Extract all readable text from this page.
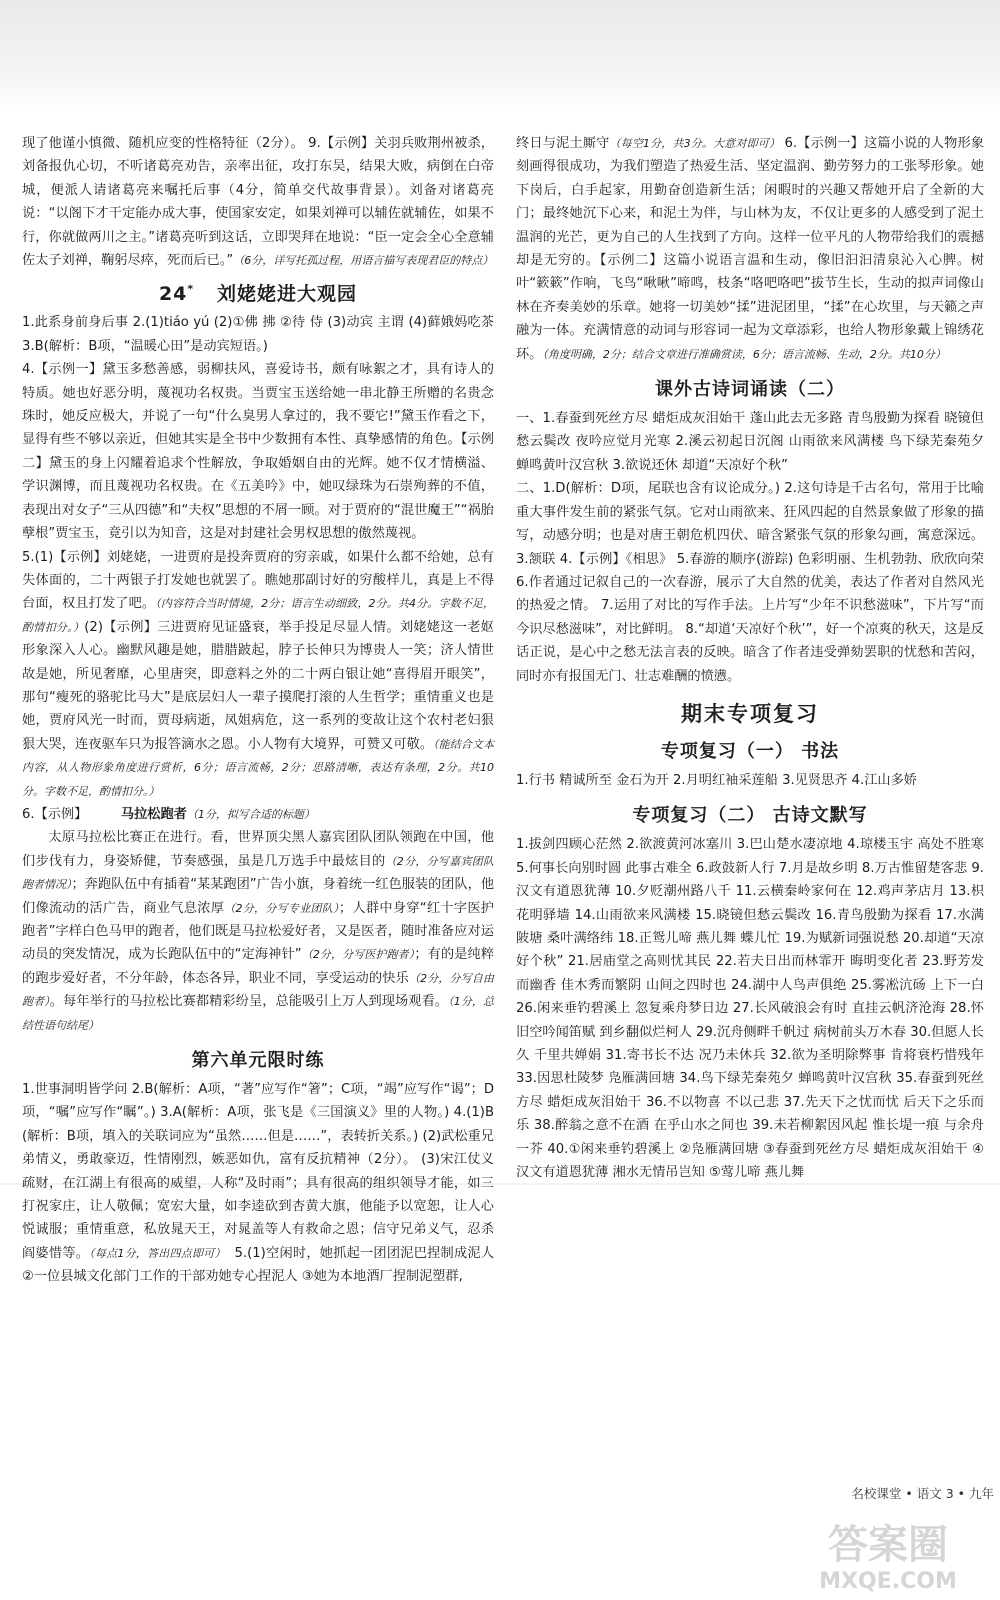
现了他谨小慎微、随机应变的性格特征（2分）。 9.【示例】关羽兵败荆州被杀，刘备报仇心切，不听诸葛亮劝告，亲率出征，攻打东吴，结果大败，病倒在白帝城，便派人请诸葛亮来嘱托后事（4分，简单交代故事背景）。刘备对诸葛亮说：“以阁下才干定能办成大事，使国家安定，如果刘禅可以辅佐就辅佐，如果不行，你就做两川之主。”诸葛亮听到这话，立即哭拜在地说：“臣一定会全心全意辅佐太子刘禅，鞠躬尽瘁，死而后已。”（6分，详写托孤过程，用语言描写表现君臣的特点）

24* 刘姥姥进大观园

1.此系身前身后事 2.(1)tiáo yú (2)①佛 拂 ②待 侍 (3)动宾 主谓 (4)藓娥妈吃茶 3.B(解析：B项，“温暖心田”是动宾短语。)

4.【示例一】黛玉多愁善感，弱柳扶风，喜爱诗书，颇有咏絮之才，具有诗人的特质。她也好恶分明，蔑视功名权贵。当贾宝玉送给她一串北静王所赠的名贵念珠时，她反应极大，并说了一句“什么臭男人拿过的，我不要它!”黛玉作看之下，显得有些不够以亲近，但她其实是全书中少数拥有本性、真挚感情的角色。【示例二】黛玉的身上闪耀着追求个性解放，争取婚姻自由的光辉。她不仅才情横溢、学识渊博，而且蔑视功名权贵。在《五美吟》中，她叹绿珠为石崇殉葬的不值，表现出对女子“三从四德”和“夫权”思想的不屑一顾。对于贾府的“混世魔王”“祸胎孽根”贾宝玉，竟引以为知音，这是对封建社会男权思想的傲然蔑视。

5.(1)【示例】刘姥姥，一进贾府是投奔贾府的穷亲戚，如果什么都不给她，总有失体面的，二十两银子打发她也就罢了。瞧她那副讨好的穷酸样儿，真是上不得台面，权且打发了吧。（内容符合当时情境，2分；语言生动细致，2分。共4分。字数不足，酌情扣分。）(2)【示例】三进贾府见证盛衰，举手投足尽显人情。刘姥姥这一老妪形象深入人心。幽默风趣是她，腊腊跛起，脖子长伸只为博贵人一笑；济人情世故是她，所见奢靡，心里唐突，即意料之外的二十两白银让她“喜得眉开眼笑”，那句“瘦死的骆驼比马大”是底层妇人一辈子摸爬打滚的人生哲学；重情重义也是她，贾府风光一时而，贾母病逝，凤姐病危，这一系列的变故让这个农村老妇狠狠大哭，连夜驱车只为报答滴水之恩。小人物有大境界，可赞又可敬。（能结合文本内容，从人物形象角度进行赏析，6分；语言流畅，2分；思路清晰，表达有条理，2分。共10分。字数不足，酌情扣分。）

6.【示例】	马拉松跑者（1分，拟写合适的标题）

太原马拉松比赛正在进行。看，世界顶尖黑人嘉宾团队团队领跑在中国，他们步伐有力，身姿矫健，节奏感强，虽是几万选手中最炫目的（2分，分写嘉宾团队跑者情况）；奔跑队伍中有插着“某某跑团”广告小旗，身着统一红色服装的团队，他们像流动的活广告，商业气息浓厚（2分，分写专业团队）；人群中身穿“红十字医护跑者”字样白色马甲的跑者，他们既是马拉松爱好者，又是医者，随时准备应对运动员的突发情况，成为长跑队伍中的“定海神针”（2分，分写医护跑者）；有的是纯粹的跑步爱好者，不分年龄，体态各异，职业不同，享受运动的快乐（2分，分写自由跑者）。每年举行的马拉松比赛都精彩纷呈，总能吸引上万人到现场观看。（1分，总结性语句结尾）

第六单元限时练

1.世事洞明皆学问 2.B(解析：A项，“著”应写作“箸”；C项，“竭”应写作“谒”；D项，“嘱”应写作“瞩”。) 3.A(解析：A项，张飞是《三国演义》里的人物。) 4.(1)B(解析：B项，填入的关联词应为“虽然……但是……”，表转折关系。) (2)武松重兄弟情义，勇敢豪迈，性情刚烈，嫉恶如仇，富有反抗精神（2分）。 (3)宋江仗义疏财，在江湖上有很高的威望，人称“及时雨”；具有很高的组织领导才能，如三打祝家庄，让人敬佩；宽宏大量，如李逵砍到杏黄大旗，他能予以宽恕，让人心悦诚服；重情重意，私放晁天王，对晁盖等人有救命之恩；信守兄弟义气，忍杀阎婆惜等。（每点1分，答出四点即可） 5.(1)空闲时，她抓起一团团泥巴捏制成泥人 ②一位县城文化部门工作的干部劝她专心捏泥人 ③她为本地酒厂捏制泥塑群,

终日与泥土厮守（每空1分，共3分。大意对即可） 6.【示例一】这篇小说的人物形象刻画得很成功，为我们塑造了热爱生活、坚定温润、勤劳努力的工张琴形象。她下岗后，白手起家，用勤奋创造新生活；闲暇时的兴趣又帮她开启了全新的大门；最终她沉下心来，和泥土为伴，与山林为友，不仅让更多的人感受到了泥土温润的光芒，更为自己的人生找到了方向。这样一位平凡的人物带给我们的震撼却是无穷的。【示例二】这篇小说语言温和生动，像旧汩汩清泉沁入心脾。树叶“簌簌”作响，飞鸟“啾啾”啼鸣，枝条“咯吧咯吧”拔节生长，生动的拟声词像山林在齐奏美妙的乐章。她将一切美妙“揉”进泥团里，“揉”在心坎里，与天籁之声融为一体。充满情意的动词与形容词一起为文章添彩，也给人物形象戴上锦绣花环。（角度明确，2分；结合文章进行准确赏读，6分；语言流畅、生动，2分。共10分）

课外古诗词诵读（二）

一、1.春蚕到死丝方尽 蜡炬成灰泪始干 蓬山此去无多路 青鸟殷勤为探看 晓镜但愁云鬓改 夜吟应觉月光寒 2.溪云初起日沉阁 山雨欲来风满楼 鸟下绿芜秦苑夕 蝉鸣黄叶汉宫秋 3.欲说还休 却道“天凉好个秋”

二、1.D(解析：D项，尾联也含有议论成分。) 2.这句诗是千古名句，常用于比喻重大事件发生前的紧张气氛。它对山雨欲来、狂风四起的自然景象做了形象的描写，动感分明；也是对唐王朝危机四伏、暗含紧张气氛的形象勾画，寓意深远。 3.颔联 4.【示例】《相思》 5.春游的顺序(游踪) 色彩明丽、生机勃勃、欣欣向荣 6.作者通过记叙自己的一次春游，展示了大自然的优美，表达了作者对自然风光的热爱之情。 7.运用了对比的写作手法。上片写“少年不识愁滋味”，下片写“而今识尽愁滋味”，对比鲜明。 8.“却道‘天凉好个秋’”，好一个凉爽的秋天，这是反话正说，是心中之愁无法言表的反映。暗含了作者违受弹劾罢职的忧愁和苦闷，同时亦有报国无门、壮志难酬的愤懑。

期末专项复习
专项复习（一） 书法

1.行书 精诚所至 金石为开 2.月明红袖采莲船 3.见贤思齐 4.江山多娇

专项复习（二） 古诗文默写

1.拔剑四顾心茫然 2.欲渡黄河冰塞川 3.巴山楚水凄凉地 4.琼楼玉宇 高处不胜寒 5.何事长向别时圆 此事古难全 6.政鼓新人行 7.月是故乡明 8.万古惟留楚客悲 9.汉文有道恩犹薄 10.夕贬潮州路八千 11.云横秦岭家何在 12.鸡声茅店月 13.枳花明驿墙 14.山雨欲来风满楼 15.晓镜但愁云鬓改 16.青鸟殷勤为探看 17.水满陂塘 桑叶满络纬 18.正鸳儿啼 燕儿舞 蝶儿忙 19.为赋新词强说愁 20.却道“天凉好个秋” 21.居庙堂之高则忧其民 22.若夫日出而林霏开 晦明变化者 23.野芳发而幽香 佳木秀而繁阴 山间之四时也 24.湖中人鸟声俱绝 25.雾凇沆砀 上下一白 26.闲来垂钓碧溪上 忽复乘舟梦日边 27.长风破浪会有时 直挂云帆济沧海 28.怀旧空吟闻笛赋 到乡翻似烂柯人 29.沉舟侧畔千帆过 病树前头万木春 30.但愿人长久 千里共婵娟 31.寄书长不达 况乃未休兵 32.欲为圣明除弊事 肯将衰朽惜残年 33.因思杜陵梦 凫雁满回塘 34.鸟下绿芜秦苑夕 蝉鸣黄叶汉宫秋 35.春蚕到死丝方尽 蜡炬成灰泪始干 36.不以物喜 不以己悲 37.先天下之忧而忧 后天下之乐而乐 38.醉翁之意不在酒 在乎山水之间也 39.未若柳絮因风起 惟长堤一痕 与余舟一芥 40.①闲来垂钓碧溪上 ②凫雁满回塘 ③春蚕到死丝方尽 蜡炬成灰泪始干 ④汉文有道恩犹薄 湘水无情吊岂知 ⑤莺儿啼 燕儿舞

名校课堂 • 语文 3 • 九年
答案圈
MXQE.COM
